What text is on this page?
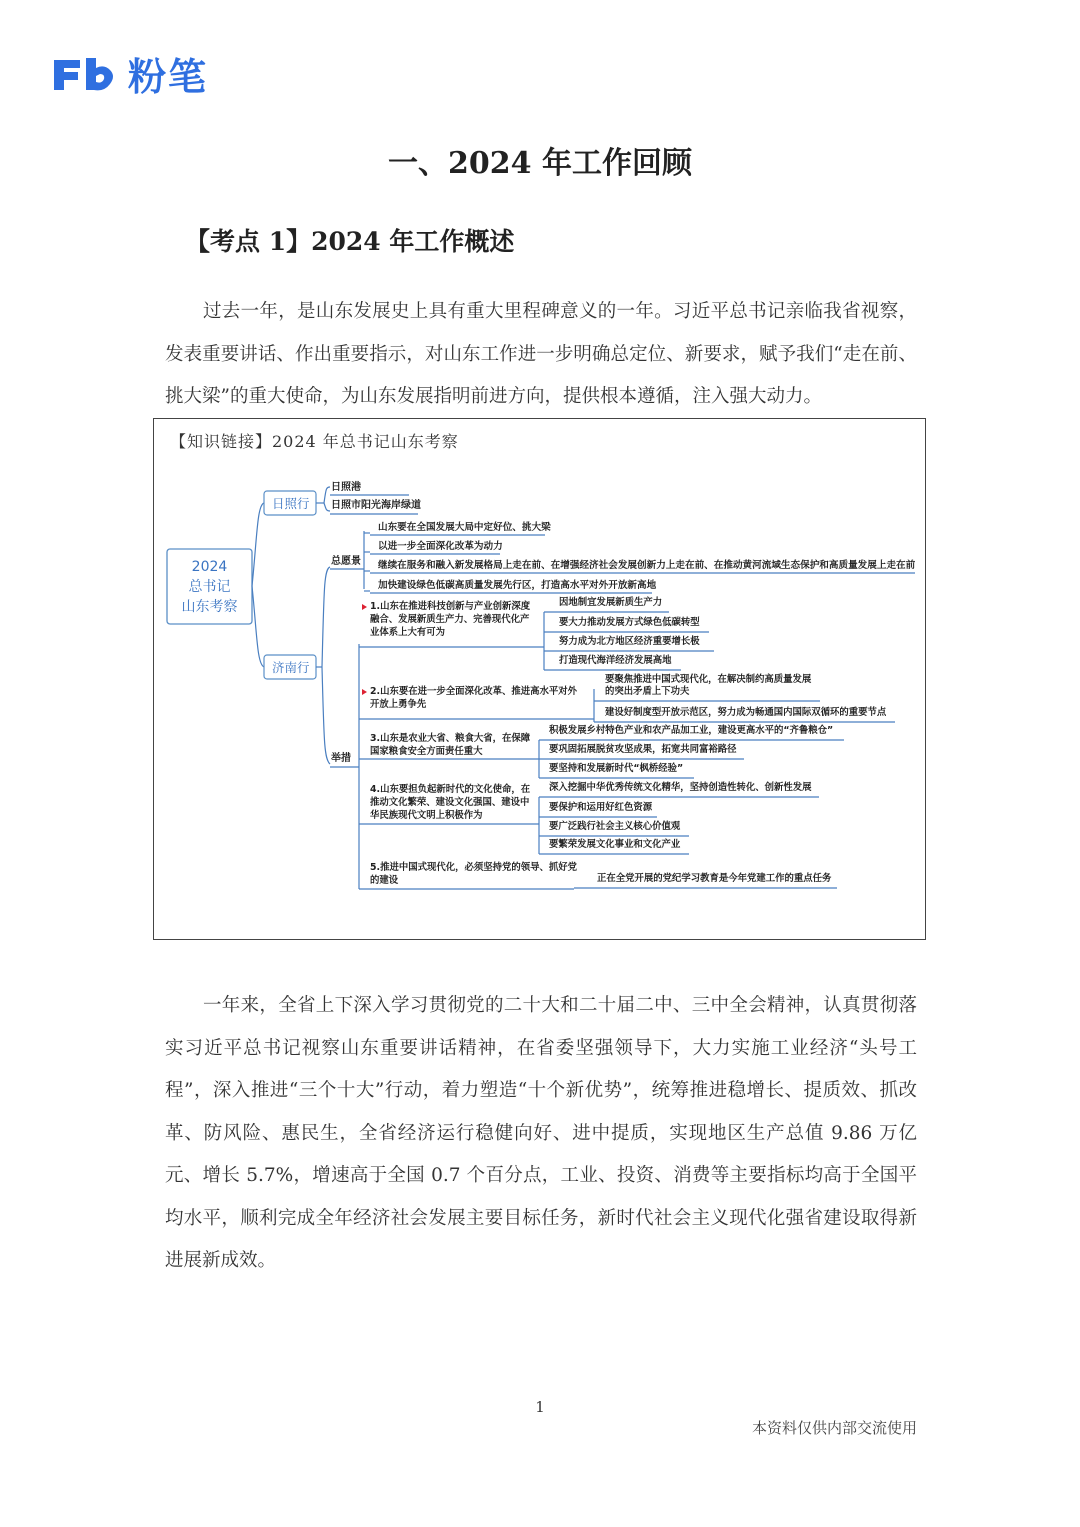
粉笔
一、2024 年工作回顾
【考点 1】2024 年工作概述

过去一年，是山东发展史上具有重大里程碑意义的一年。习近平总书记亲临我省视察，发表重要讲话、作出重要指示，对山东工作进一步明确总定位、新要求，赋予我们“走在前、挑大梁”的重大使命，为山东发展指明前进方向，提供根本遵循，注入强大动力。

【知识链接】2024 年总书记山东考察
2024
总书记
山东考察
日照行
日照港
日照市阳光海岸绿道
济南行
总愿景
山东要在全国发展大局中定好位、挑大梁
以进一步全面深化改革为动力
继续在服务和融入新发展格局上走在前、在增强经济社会发展创新力上走在前、在推动黄河流域生态保护和高质量发展上走在前
加快建设绿色低碳高质量发展先行区，打造高水平对外开放新高地
举措
1.山东在推进科技创新与产业创新深度
融合、发展新质生产力、完善现代化产
业体系上大有可为
因地制宜发展新质生产力
要大力推动发展方式绿色低碳转型
努力成为北方地区经济重要增长极
打造现代海洋经济发展高地
2.山东要在进一步全面深化改革、推进高水平对外
开放上勇争先
要聚焦推进中国式现代化，在解决制约高质量发展
的突出矛盾上下功夫
建设好制度型开放示范区，努力成为畅通国内国际双循环的重要节点
3.山东是农业大省、粮食大省，在保障
国家粮食安全方面责任重大
积极发展乡村特色产业和农产品加工业，建设更高水平的“齐鲁粮仓”
要巩固拓展脱贫攻坚成果，拓宽共同富裕路径
要坚持和发展新时代“枫桥经验”
4.山东要担负起新时代的文化使命，在
推动文化繁荣、建设文化强国、建设中
华民族现代文明上积极作为
深入挖掘中华优秀传统文化精华，坚持创造性转化、创新性发展
要保护和运用好红色资源
要广泛践行社会主义核心价值观
要繁荣发展文化事业和文化产业
5.推进中国式现代化，必须坚持党的领导、抓好党
的建设	正在全党开展的党纪学习教育是今年党建工作的重点任务

一年来，全省上下深入学习贯彻党的二十大和二十届二中、三中全会精神，认真贯彻落实习近平总书记视察山东重要讲话精神，在省委坚强领导下，大力实施工业经济“头号工程”，深入推进“三个十大”行动，着力塑造“十个新优势”，统筹推进稳增长、提质效、抓改革、防风险、惠民生，全省经济运行稳健向好、进中提质，实现地区生产总值 9.86 万亿元、增长 5.7%，增速高于全国 0.7 个百分点，工业、投资、消费等主要指标均高于全国平均水平，顺利完成全年经济社会发展主要目标任务，新时代社会主义现代化强省建设取得新进展新成效。

1
本资料仅供内部交流使用
